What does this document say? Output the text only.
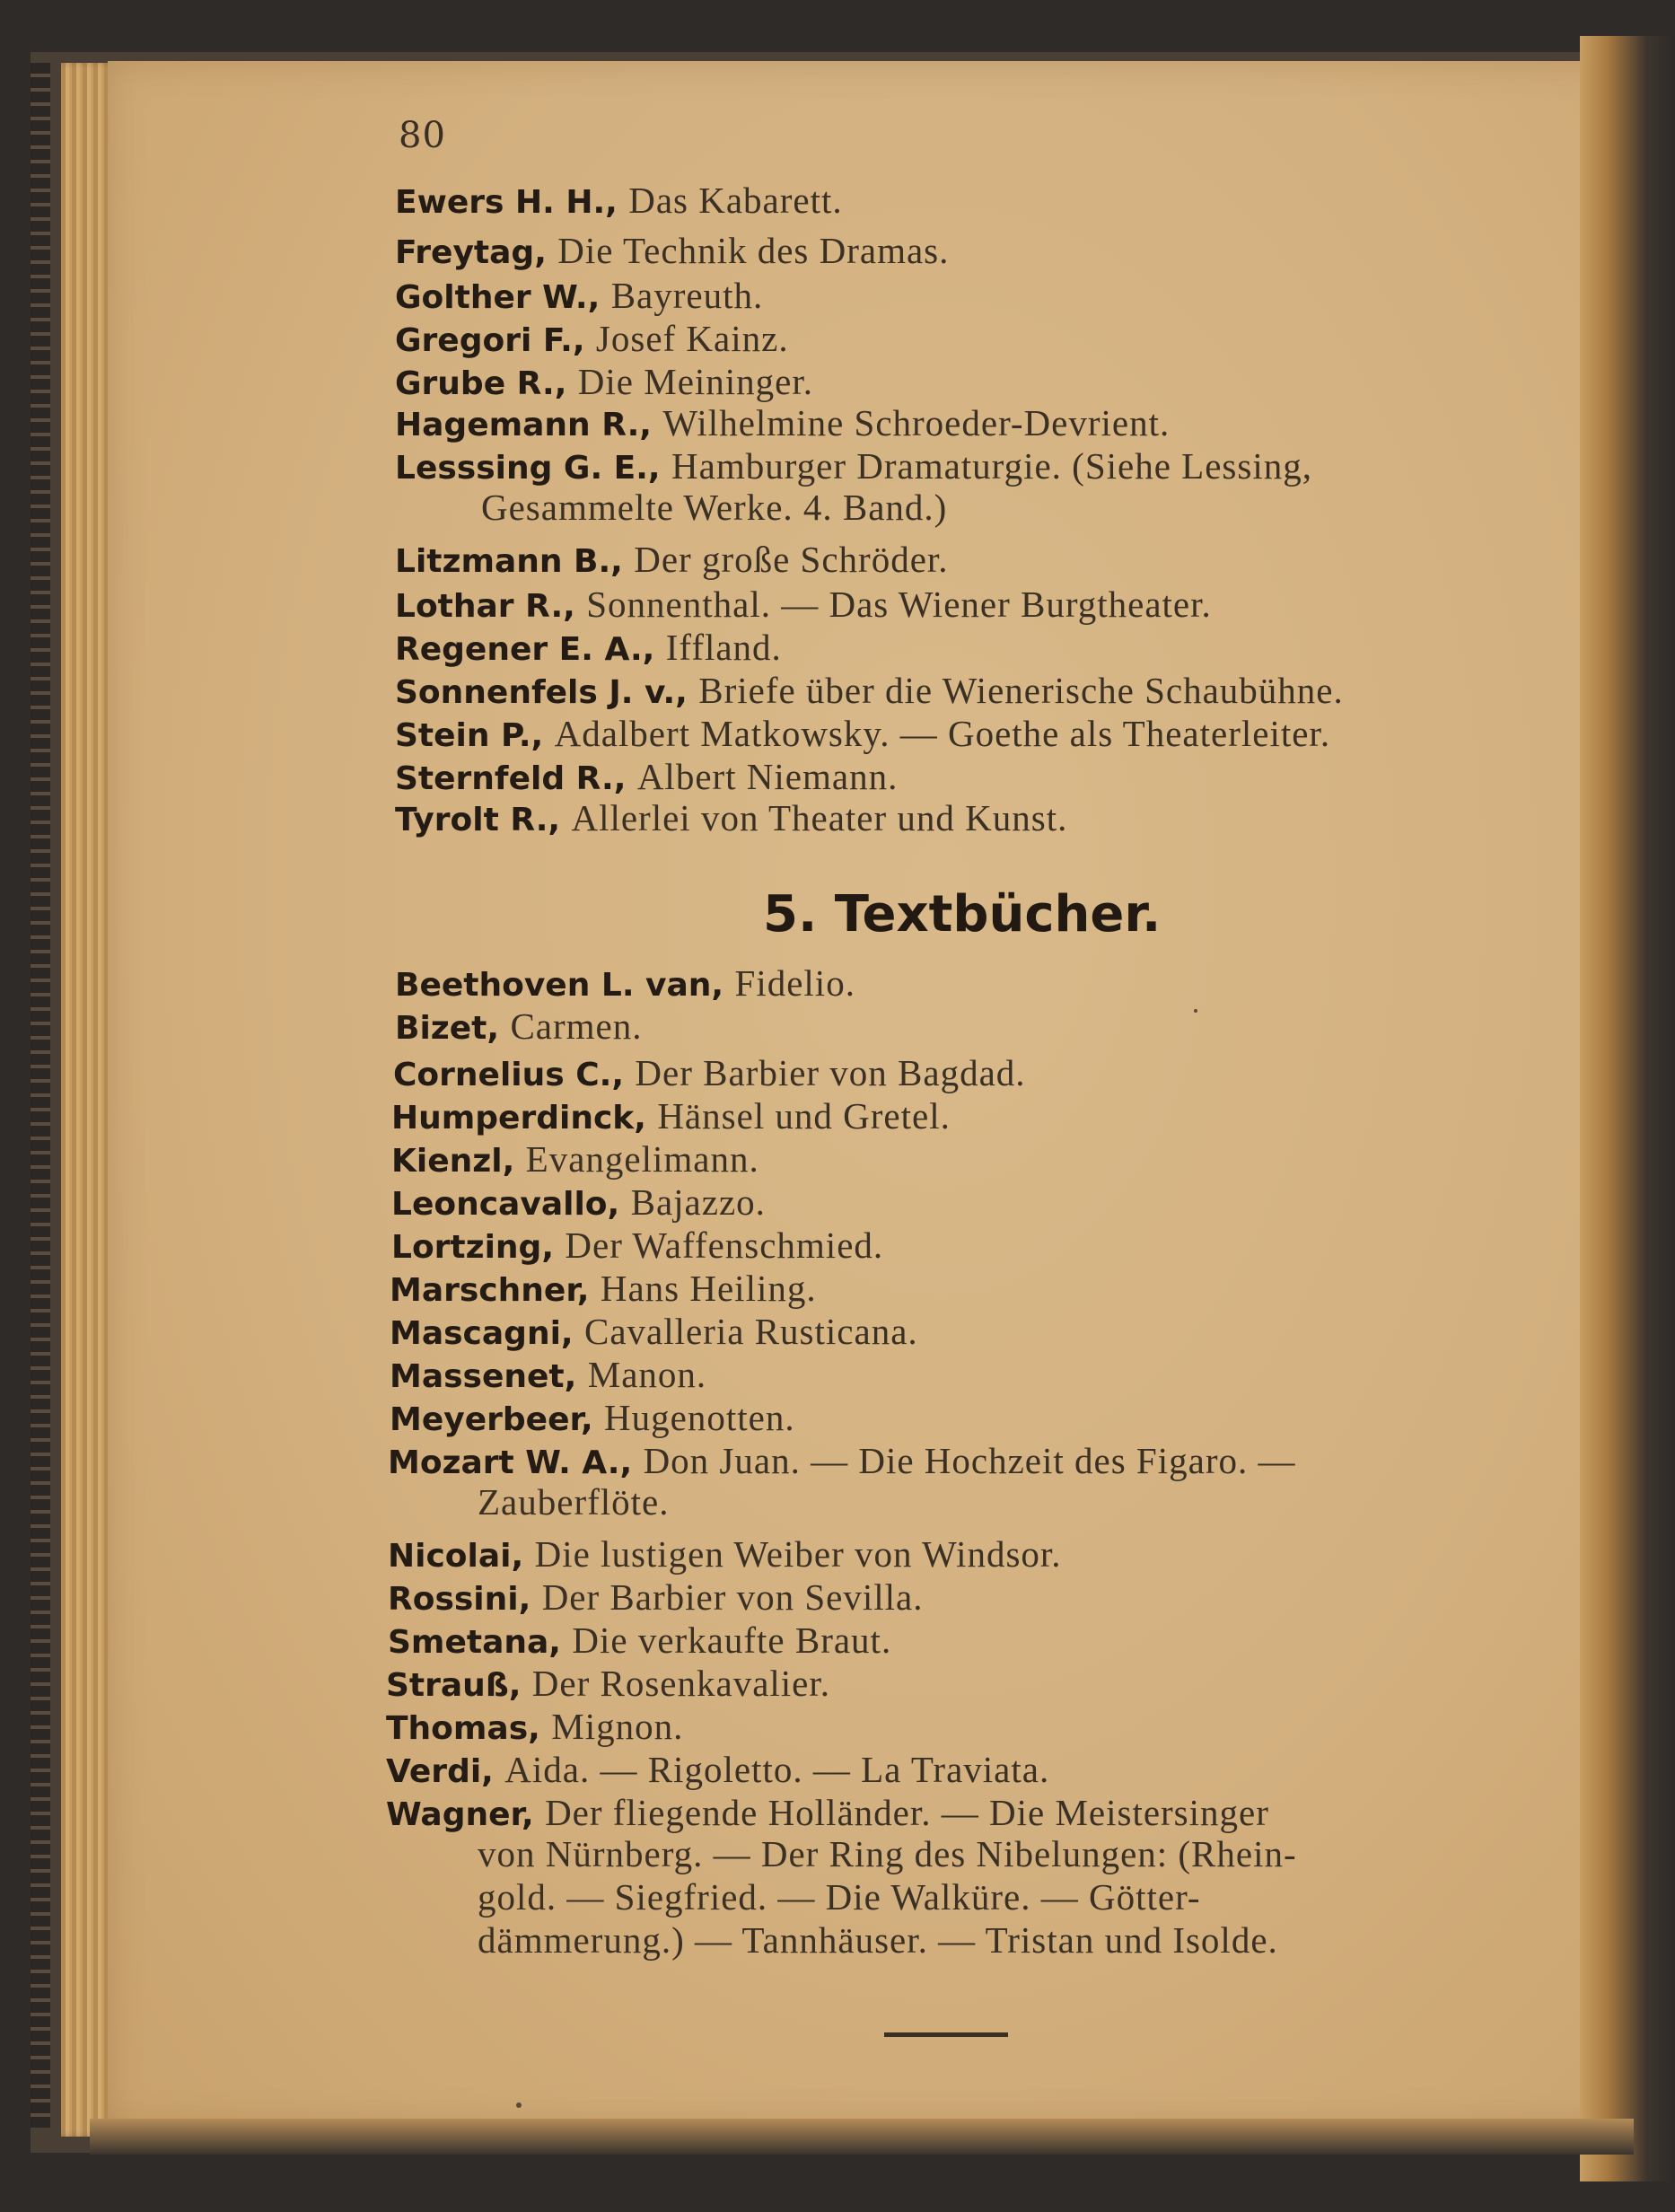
80
Ewers H. H., Das Kabarett.
Freytag, Die Technik des Dramas.
Golther W., Bayreuth.
Gregori F., Josef Kainz.
Grube R., Die Meininger.
Hagemann R., Wilhelmine Schroeder-Devrient.
Lesssing G. E., Hamburger Dramaturgie. (Siehe Lessing,
Gesammelte Werke. 4. Band.)
Litzmann B., Der große Schröder.
Lothar R., Sonnenthal. — Das Wiener Burgtheater.
Regener E. A., Iffland.
Sonnenfels J. v., Briefe über die Wienerische Schaubühne.
Stein P., Adalbert Matkowsky. — Goethe als Theaterleiter.
Sternfeld R., Albert Niemann.
Tyrolt R., Allerlei von Theater und Kunst.
5. Textbücher.
Beethoven L. van, Fidelio.
Bizet, Carmen.
Cornelius C., Der Barbier von Bagdad.
Humperdinck, Hänsel und Gretel.
Kienzl, Evangelimann.
Leoncavallo, Bajazzo.
Lortzing, Der Waffenschmied.
Marschner, Hans Heiling.
Mascagni, Cavalleria Rusticana.
Massenet, Manon.
Meyerbeer, Hugenotten.
Mozart W. A., Don Juan. — Die Hochzeit des Figaro. —
Zauberflöte.
Nicolai, Die lustigen Weiber von Windsor.
Rossini, Der Barbier von Sevilla.
Smetana, Die verkaufte Braut.
Strauß, Der Rosenkavalier.
Thomas, Mignon.
Verdi, Aida. — Rigoletto. — La Traviata.
Wagner, Der fliegende Holländer. — Die Meistersinger
von Nürnberg. — Der Ring des Nibelungen: (Rhein-
gold. — Siegfried. — Die Walküre. — Götter-
dämmerung.) — Tannhäuser. — Tristan und Isolde.
